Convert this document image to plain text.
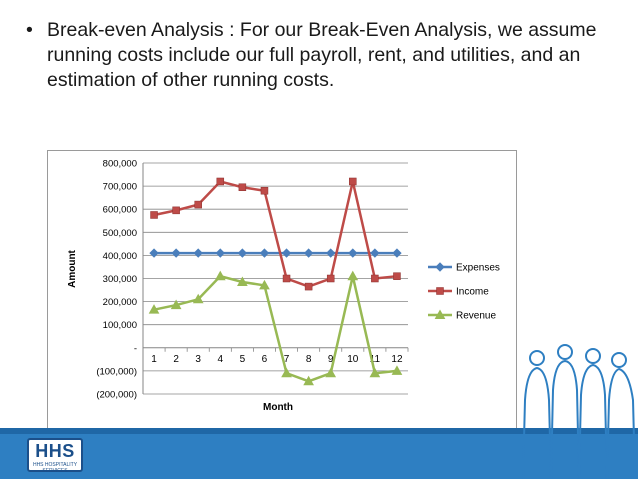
• Break-even Analysis : For our Break-Even Analysis, we assume running costs include our full payroll, rent, and utilities, and an estimation of other running costs.
800,000
700,000
600,000
500,000
400,000
300,000
200,000
100,000
-
(100,000)
(200,000)
1 2 3 4 5 6 7 8 9 10 11 12
Amount
Month
Expenses
Income
Revenue
HHS
HHS HOSPITALITY SERVICES
